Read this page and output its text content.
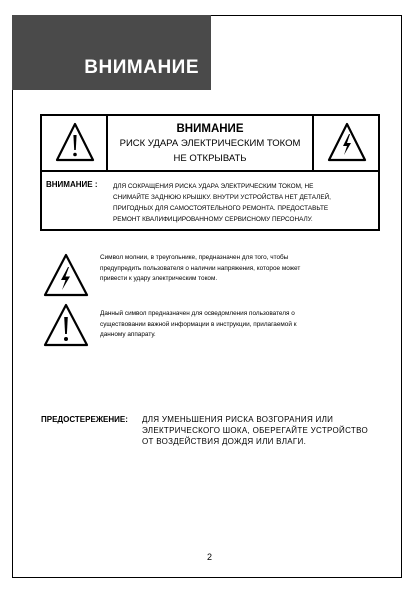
ВНИМАНИЕ
ВНИМАНИЕ
РИСК УДАРА ЭЛЕКТРИЧЕСКИМ ТОКОМ
НЕ ОТКРЫВАТЬ
ВНИМАНИЕ : ДЛЯ СОКРАЩЕНИЯ РИСКА УДАРА ЭЛЕКТРИЧЕСКИМ ТОКОМ, НЕ
СНИМАЙТЕ ЗАДНЮЮ КРЫШКУ. ВНУТРИ УСТРОЙСТВА НЕТ ДЕТАЛЕЙ,
ПРИГОДНЫХ ДЛЯ САМОСТОЯТЕЛЬНОГО РЕМОНТА. ПРЕДОСТАВЬТЕ
РЕМОНТ КВАЛИФИЦИРОВАННОМУ СЕРВИСНОМУ ПЕРСОНАЛУ.
Символ молнии, в треугольнике, предназначен для того, чтобы
предупредить пользователя о наличии напряжения, которое может
привести к удару электрическим током.
Данный символ предназначен для осведомления пользователя о
существовании важной информации в инструкции, прилагаемой к
данному аппарату.
ПРЕДОСТЕРЕЖЕНИЕ: ДЛЯ УМЕНЬШЕНИЯ РИСКА ВОЗГОРАНИЯ ИЛИ
ЭЛЕКТРИЧЕСКОГО ШОКА, ОБЕРЕГАЙТЕ УСТРОЙСТВО
ОТ ВОЗДЕЙСТВИЯ ДОЖДЯ ИЛИ ВЛАГИ.
2
